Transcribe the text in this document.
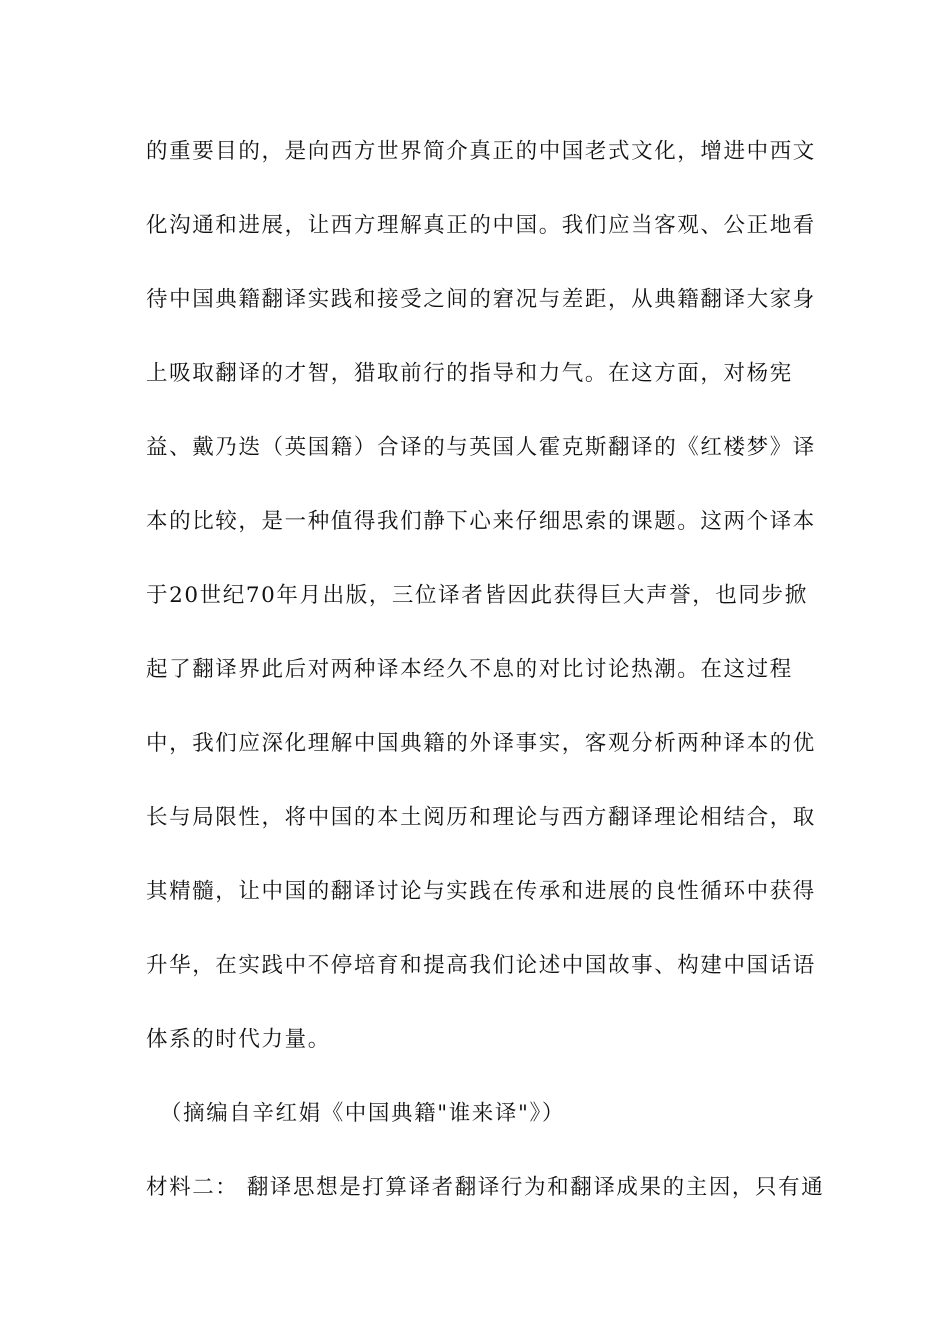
的重要目的，是向西方世界简介真正的中国老式文化，增进中西文
化沟通和进展，让西方理解真正的中国。我们应当客观、公正地看
待中国典籍翻译实践和接受之间的窘况与差距，从典籍翻译大家身
上吸取翻译的才智，猎取前行的指导和力气。在这方面，对杨宪
益、戴乃迭（英国籍）合译的与英国人霍克斯翻译的《红楼梦》译
本的比较，是一种值得我们静下心来仔细思索的课题。这两个译本
于20世纪70年月出版，三位译者皆因此获得巨大声誉，也同步掀
起了翻译界此后对两种译本经久不息的对比讨论热潮。在这过程
中，我们应深化理解中国典籍的外译事实，客观分析两种译本的优
长与局限性，将中国的本土阅历和理论与西方翻译理论相结合，取
其精髓，让中国的翻译讨论与实践在传承和进展的良性循环中获得
升华，在实践中不停培育和提高我们论述中国故事、构建中国话语
体系的时代力量。
（摘编自辛红娟《中国典籍"谁来译"》）
材料二： 翻译思想是打算译者翻译行为和翻译成果的主因，只有通
